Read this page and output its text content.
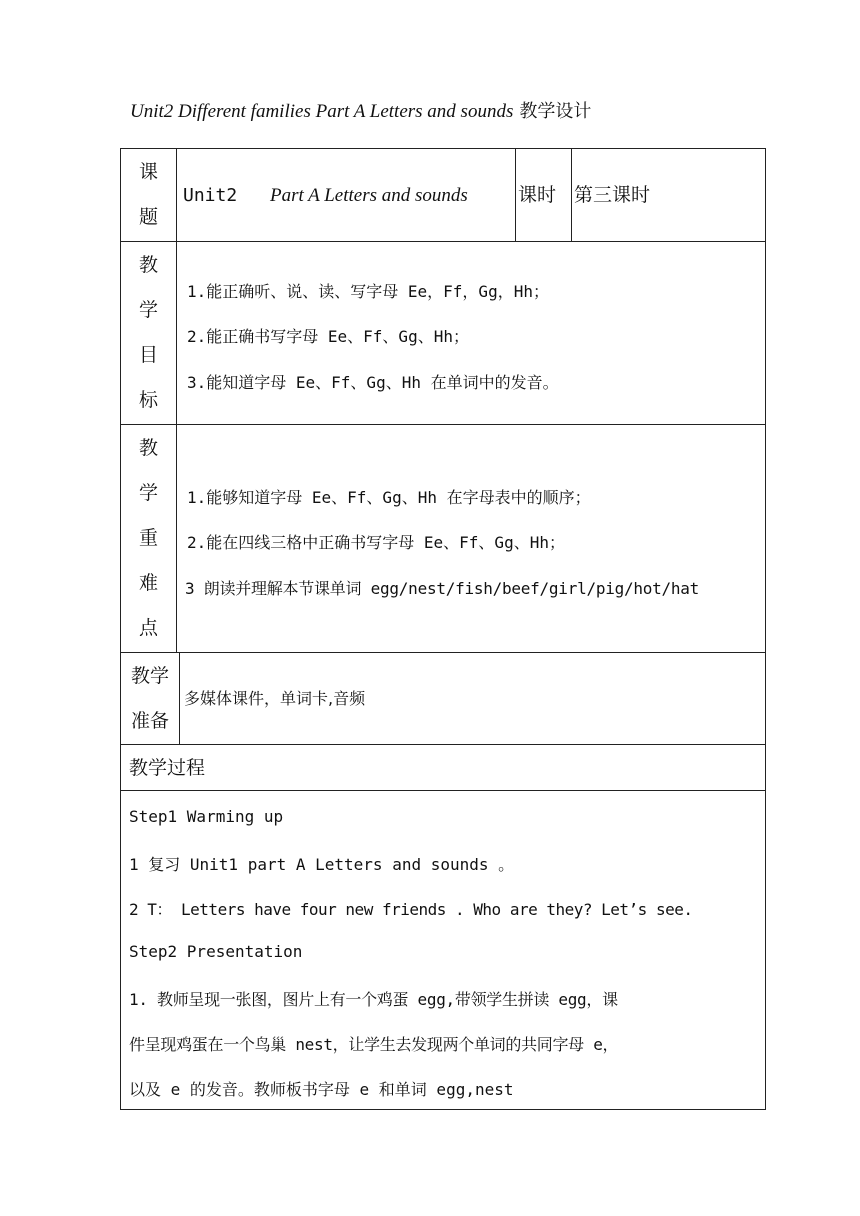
Unit2 Different families Part A Letters and sounds 教学设计
课
题
Unit2 Part A Letters and sounds	课时 第三课时
教
学
目
标
1.能正确听、说、读、写字母 Ee，Ff，Gg，Hh；
2.能正确书写字母 Ee、Ff、Gg、Hh；
3.能知道字母 Ee、Ff、Gg、Hh 在单词中的发音。
教
学
重
难
点
1.能够知道字母 Ee、Ff、Gg、Hh 在字母表中的顺序；
2.能在四线三格中正确书写字母 Ee、Ff、Gg、Hh；
3 朗读并理解本节课单词 egg/nest/fish/beef/girl/pig/hot/hat
教学
准备
多媒体课件，单词卡,音频
教学过程
Step1 Warming up
1 复习 Unit1 part A Letters and sounds 。
2 T： Letters have four new friends . Who are they? Let’s see.
Step2 Presentation
1. 教师呈现一张图，图片上有一个鸡蛋 egg,带领学生拼读 egg，课
件呈现鸡蛋在一个鸟巢 nest，让学生去发现两个单词的共同字母 e，
以及 e 的发音。教师板书字母 e 和单词 egg,nest
